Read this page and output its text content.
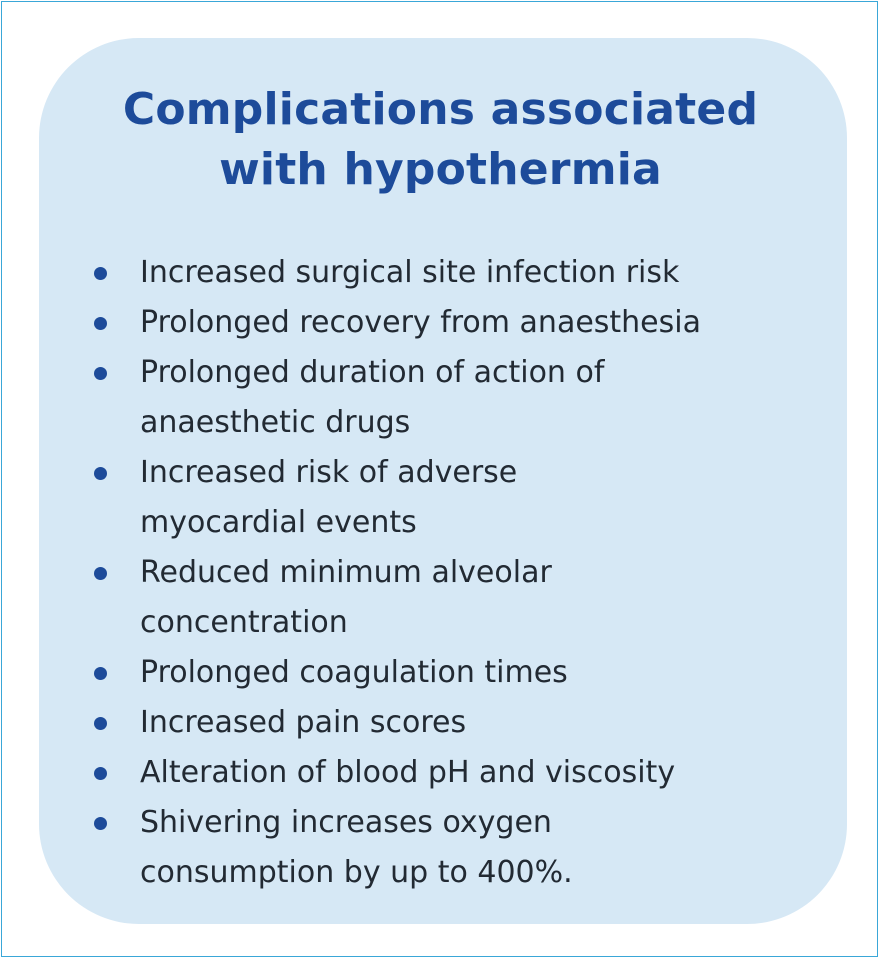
Complications associated
with hypothermia
Increased surgical site infection risk
Prolonged recovery from anaesthesia
Prolonged duration of action of
anaesthetic drugs
Increased risk of adverse
myocardial events
Reduced minimum alveolar
concentration
Prolonged coagulation times
Increased pain scores
Alteration of blood pH and viscosity
Shivering increases oxygen
consumption by up to 400%.
